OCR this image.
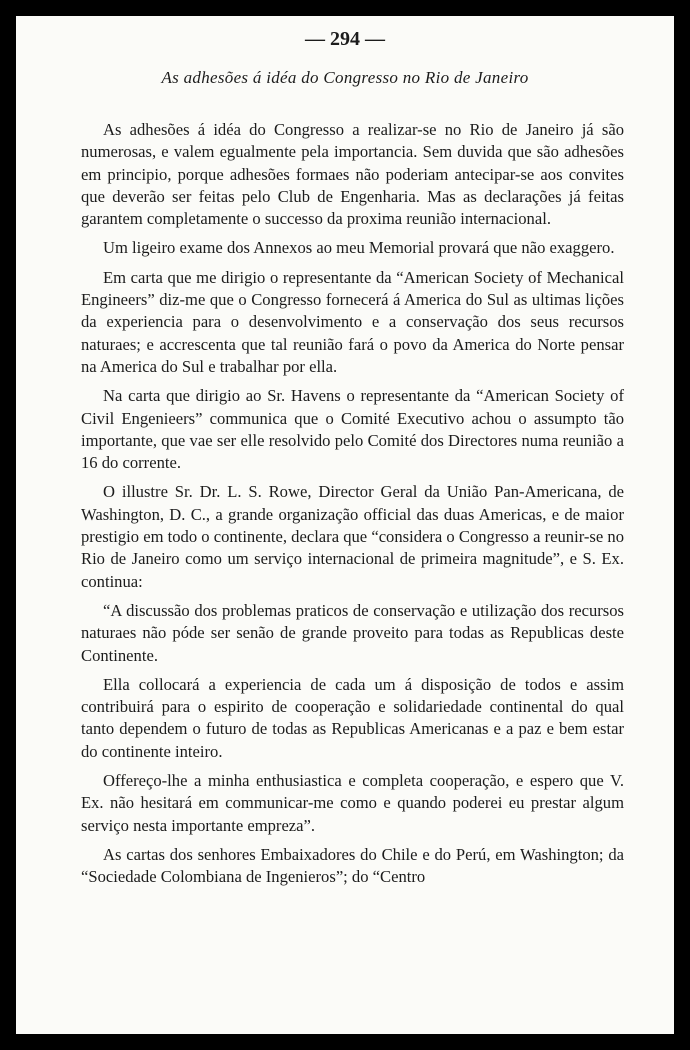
— 294 —
As adhesões á idéa do Congresso no Rio de Janeiro

As adhesões á idéa do Congresso a realizar-se no Rio de Janeiro já são numerosas, e valem egualmente pela importancia. Sem duvida que são adhesões em principio, porque adhesões formaes não poderiam antecipar-se aos convites que deverão ser feitas pelo Club de Engenharia. Mas as declarações já feitas garantem completamente o successo da proxima reunião internacional.

Um ligeiro exame dos Annexos ao meu Memorial provará que não exaggero.

Em carta que me dirigio o representante da “American Society of Mechanical Engineers” diz-me que o Congresso fornecerá á America do Sul as ultimas lições da experiencia para o desenvolvimento e a conservação dos seus recursos naturaes; e accrescenta que tal reunião fará o povo da America do Norte pensar na America do Sul e trabalhar por ella.

Na carta que dirigio ao Sr. Havens o representante da “American Society of Civil Engenieers” communica que o Comité Executivo achou o assumpto tão importante, que vae ser elle resolvido pelo Comité dos Directores numa reunião a 16 do corrente.

O illustre Sr. Dr. L. S. Rowe, Director Geral da União Pan-Americana, de Washington, D. C., a grande organização official das duas Americas, e de maior prestigio em todo o continente, declara que “considera o Congresso a reunir-se no Rio de Janeiro como um serviço internacional de primeira magnitude”, e S. Ex. continua:

“A discussão dos problemas praticos de conservação e utilização dos recursos naturaes não póde ser senão de grande proveito para todas as Republicas deste Continente.

Ella collocará a experiencia de cada um á disposição de todos e assim contribuirá para o espirito de cooperação e solidariedade continental do qual tanto dependem o futuro de todas as Republicas Americanas e a paz e bem estar do continente inteiro.

Offereço-lhe a minha enthusiastica e completa cooperação, e espero que V. Ex. não hesitará em communicar-me como e quando poderei eu prestar algum serviço nesta importante empreza”.

As cartas dos senhores Embaixadores do Chile e do Perú, em Washington; da “Sociedade Colombiana de Ingenieros”; do “Centro
